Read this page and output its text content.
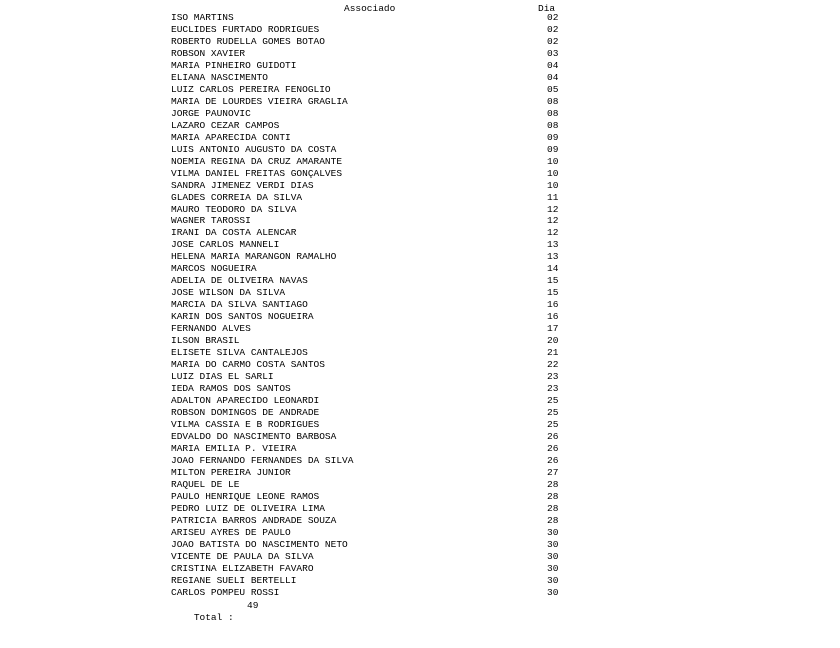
Associado	Dia
ISO MARTINS	02
EUCLIDES FURTADO RODRIGUES	02
ROBERTO RUDELLA GOMES BOTAO	02
ROBSON XAVIER	03
MARIA PINHEIRO GUIDOTI	04
ELIANA NASCIMENTO	04
LUIZ CARLOS PEREIRA FENOGLIO	05
MARIA DE LOURDES VIEIRA GRAGLIA	08
JORGE PAUNOVIC	08
LAZARO CEZAR CAMPOS	08
MARIA APARECIDA CONTI	09
LUIS ANTONIO AUGUSTO DA COSTA	09
NOEMIA REGINA DA CRUZ AMARANTE	10
VILMA DANIEL FREITAS GONÇALVES	10
SANDRA JIMENEZ VERDI DIAS	10
GLADES CORREIA DA SILVA	11
MAURO TEODORO DA SILVA	12
WAGNER TAROSSI	12
IRANI DA COSTA ALENCAR	12
JOSE CARLOS MANNELI	13
HELENA MARIA MARANGON RAMALHO	13
MARCOS NOGUEIRA	14
ADELIA DE OLIVEIRA NAVAS	15
JOSE WILSON DA SILVA	15
MARCIA DA SILVA SANTIAGO	16
KARIN DOS SANTOS NOGUEIRA	16
FERNANDO ALVES	17
ILSON BRASIL	20
ELISETE SILVA CANTALEJOS	21
MARIA DO CARMO COSTA SANTOS	22
LUIZ DIAS EL SARLI	23
IEDA RAMOS DOS SANTOS	23
ADALTON APARECIDO LEONARDI	25
ROBSON DOMINGOS DE ANDRADE	25
VILMA CASSIA E B RODRIGUES	25
EDVALDO DO NASCIMENTO BARBOSA	26
MARIA EMILIA P. VIEIRA	26
JOAO FERNANDO FERNANDES DA SILVA	26
MILTON PEREIRA JUNIOR	27
RAQUEL DE LE	28
PAULO HENRIQUE LEONE RAMOS	28
PEDRO LUIZ DE OLIVEIRA LIMA	28
PATRICIA BARROS ANDRADE SOUZA	28
ARISEU AYRES DE PAULO	30
JOAO BATISTA DO NASCIMENTO NETO	30
VICENTE DE PAULA DA SILVA	30
CRISTINA ELIZABETH FAVARO	30
REGIANE SUELI BERTELLI	30
CARLOS POMPEU ROSSI	30

Total :

49
